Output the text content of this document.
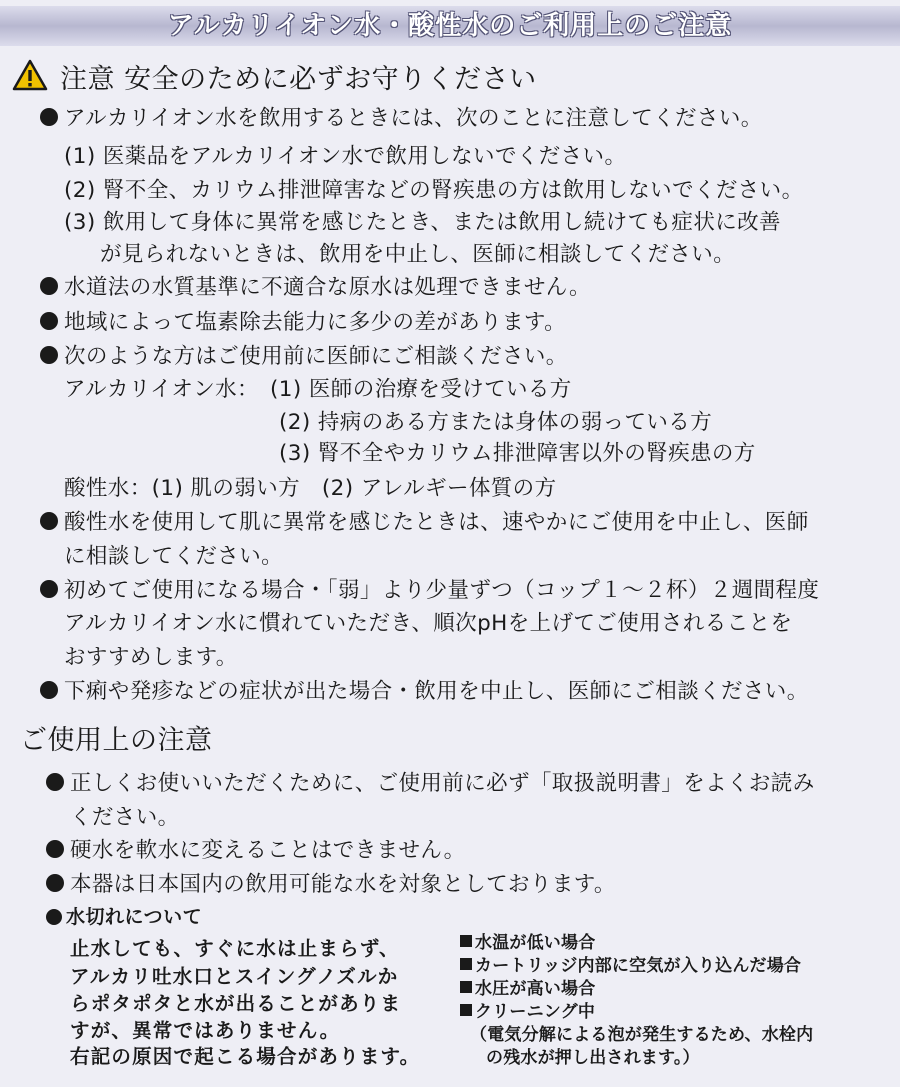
アルカリイオン水・酸性水のご利用上のご注意
注意 安全のために必ずお守りください
アルカリイオン水を飲用するときには、次のことに注意してください。
(1) 医薬品をアルカリイオン水で飲用しないでください。
(2) 腎不全、カリウム排泄障害などの腎疾患の方は飲用しないでください。
(3) 飲用して身体に異常を感じたとき、または飲用し続けても症状に改善
が見られないときは、飲用を中止し、医師に相談してください。
水道法の水質基準に不適合な原水は処理できません。
地域によって塩素除去能力に多少の差があります。
次のような方はご使用前に医師にご相談ください。
アルカリイオン水： (1) 医師の治療を受けている方
(2) 持病のある方または身体の弱っている方
(3) 腎不全やカリウム排泄障害以外の腎疾患の方
酸性水：(1) 肌の弱い方　(2) アレルギー体質の方
酸性水を使用して肌に異常を感じたときは、速やかにご使用を中止し、医師
に相談してください。
初めてご使用になる場合・「弱」より少量ずつ（コップ１～２杯）２週間程度
アルカリイオン水に慣れていただき、順次pHを上げてご使用されることを
おすすめします。
下痢や発疹などの症状が出た場合・飲用を中止し、医師にご相談ください。
ご使用上の注意
正しくお使いいただくために、ご使用前に必ず「取扱説明書」をよくお読み
ください。
硬水を軟水に変えることはできません。
本器は日本国内の飲用可能な水を対象としております。
水切れについて
止水しても、すぐに水は止まらず、
アルカリ吐水口とスイングノズルか
らポタポタと水が出ることがありま
すが、異常ではありません。
右記の原因で起こる場合があります。
水温が低い場合
カートリッジ内部に空気が入り込んだ場合
水圧が高い場合
クリーニング中
（電気分解による泡が発生するため、水栓内
の残水が押し出されます。）
